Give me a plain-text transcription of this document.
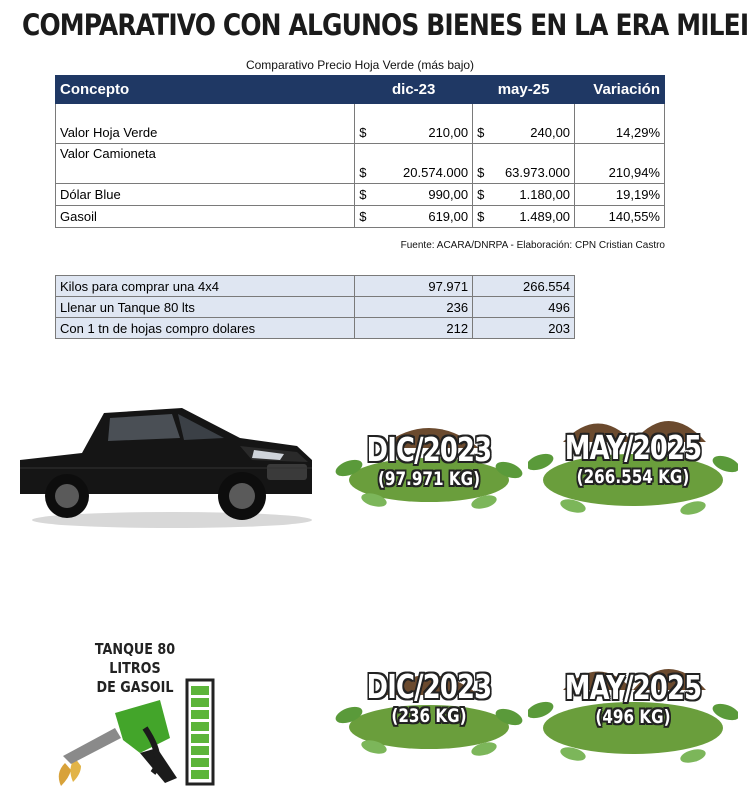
COMPARATIVO CON ALGUNOS BIENES EN LA ERA MILEI
Comparativo Precio Hoja Verde (más bajo)
Concepto	dic-23	may-25	Variación
Valor Hoja Verde	$ 210,00	$ 240,00	14,29%

Valor Camioneta	$ 20.574.000	$ 63.973.000	210,94%
Dólar Blue	$ 990,00	$ 1.180,00	19,19%
Gasoil	$ 619,00	$ 1.489,00	140,55%
Fuente: ACARA/DNRPA - Elaboración: CPN Cristian Castro
Kilos para comprar una 4x4	97.971	266.554
Llenar un Tanque 80 lts	236	496
Con 1 tn de hojas compro dolares	212	203
DIC/2023
(97.971 KG)
MAY/2025
(266.554 KG)
TANQUE 80 LITROS
DE GASOIL	DIC/2023
(236 KG)
MAY/2025
(496 KG)
